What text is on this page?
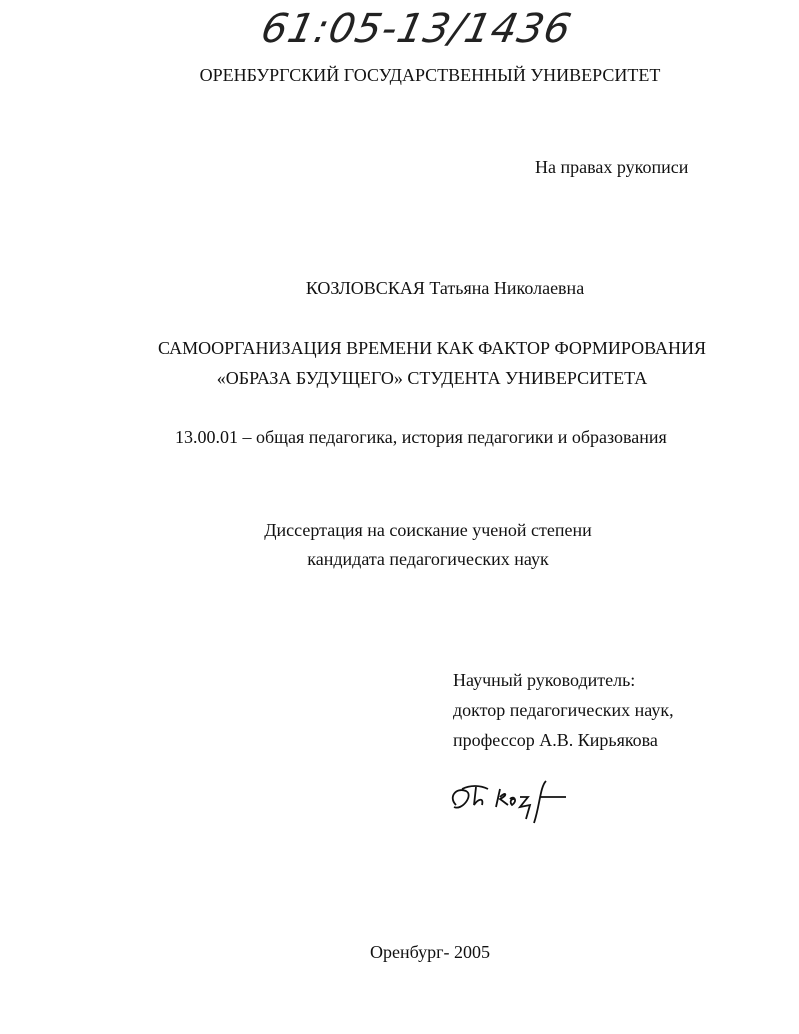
61:05-13/1436
ОРЕНБУРГСКИЙ ГОСУДАРСТВЕННЫЙ УНИВЕРСИТЕТ
На правах рукописи
КОЗЛОВСКАЯ Татьяна Николаевна
САМООРГАНИЗАЦИЯ ВРЕМЕНИ КАК ФАКТОР ФОРМИРОВАНИЯ
«ОБРАЗА БУДУЩЕГО» СТУДЕНТА УНИВЕРСИТЕТА
13.00.01 – общая педагогика, история педагогики и образования
Диссертация на соискание ученой степени
кандидата педагогических наук
Научный руководитель:
доктор педагогических наук,
профессор А.В. Кирьякова
Оренбург- 2005
